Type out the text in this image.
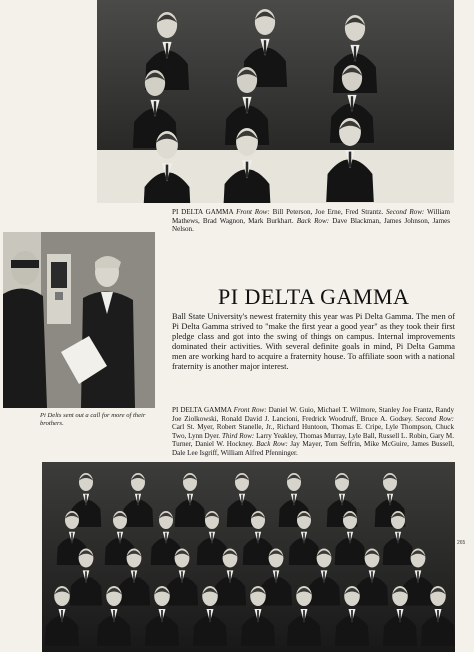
PI DELTA GAMMA Front Row: Bill Peterson, Joe Erne, Fred Strantz. Second Row: William Mathews, Brad Wagnon, Mark Burkhart. Back Row: Dave Blackman, James Johnson, James Nelson.
Pi Delts sent out a call for more of their brothers.
PI DELTA GAMMA
Ball State University's newest fraternity this year was Pi Delta Gamma. The men of Pi Delta Gamma strived to "make the first year a good year" as they took their first pledge class and got into the swing of things on campus. Internal improvements dominated their activities. With several definite goals in mind, Pi Delta Gamma men are working hard to acquire a fraternity house. To affiliate soon with a national fraternity is another major interest.
PI DELTA GAMMA Front Row: Daniel W. Guio, Michael T. Wilmore, Stanley Joe Frantz, Randy Joe Ziolkowski, Ronald David J. Lancioni, Fredrick Woodruff, Bruce A. Godsey. Second Row: Carl St. Myer, Robert Stanelle, Jr., Richard Huntoon, Thomas E. Cripe, Lyle Thompson, Chuck Two, Lynn Dyer. Third Row: Larry Yeakley, Thomas Murray, Lyle Ball, Russell L. Robin, Gary M. Turner, Daniel W. Hockney. Back Row: Jay Mayer, Tom Seffrin, Mike McGuire, James Bussell, Dale Lee Isgriff, William Alfred Pfenninger.
265
